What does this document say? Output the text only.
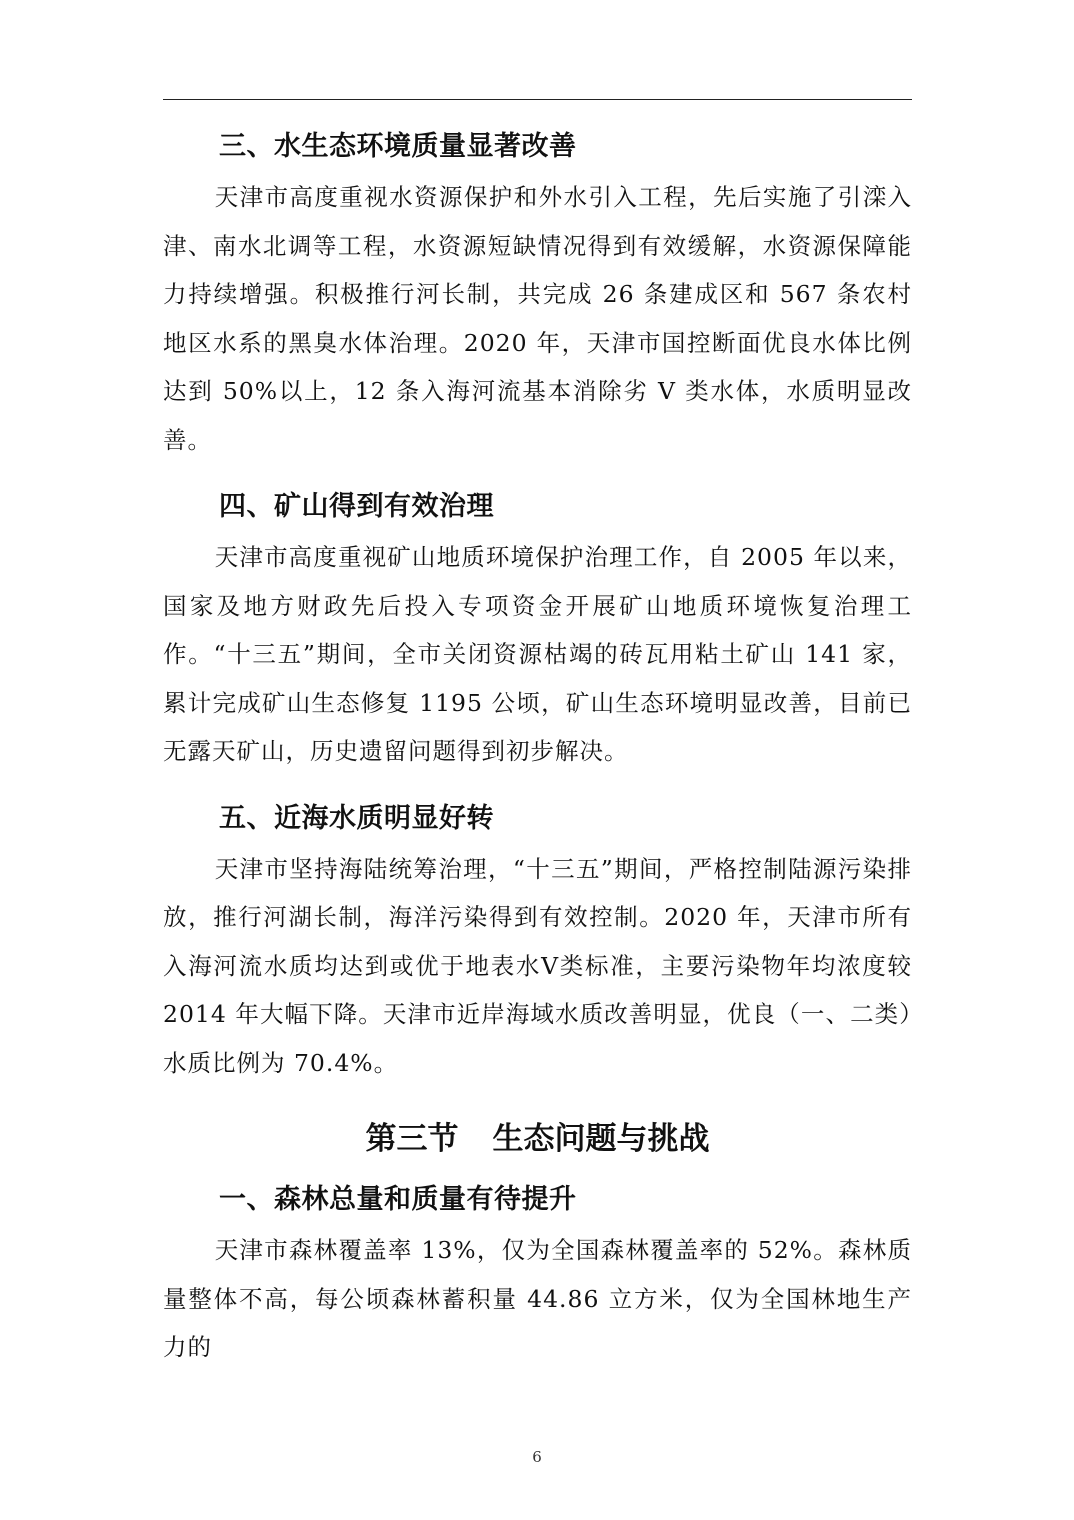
三、水生态环境质量显著改善

天津市高度重视水资源保护和外水引入工程，先后实施了引滦入津、南水北调等工程，水资源短缺情况得到有效缓解，水资源保障能力持续增强。积极推行河长制，共完成 26 条建成区和 567 条农村地区水系的黑臭水体治理。2020 年，天津市国控断面优良水体比例达到 50%以上，12 条入海河流基本消除劣 V 类水体，水质明显改善。

四、矿山得到有效治理

天津市高度重视矿山地质环境保护治理工作，自 2005 年以来，国家及地方财政先后投入专项资金开展矿山地质环境恢复治理工作。“十三五”期间，全市关闭资源枯竭的砖瓦用粘土矿山 141 家，累计完成矿山生态修复 1195 公顷，矿山生态环境明显改善，目前已无露天矿山，历史遗留问题得到初步解决。

五、近海水质明显好转

天津市坚持海陆统筹治理，“十三五”期间，严格控制陆源污染排放，推行河湖长制，海洋污染得到有效控制。2020 年，天津市所有入海河流水质均达到或优于地表水Ⅴ类标准，主要污染物年均浓度较 2014 年大幅下降。天津市近岸海域水质改善明显，优良（一、二类）水质比例为 70.4%。

第三节 生态问题与挑战
一、森林总量和质量有待提升

天津市森林覆盖率 13%，仅为全国森林覆盖率的 52%。森林质量整体不高，每公顷森林蓄积量 44.86 立方米，仅为全国林地生产力的

6
